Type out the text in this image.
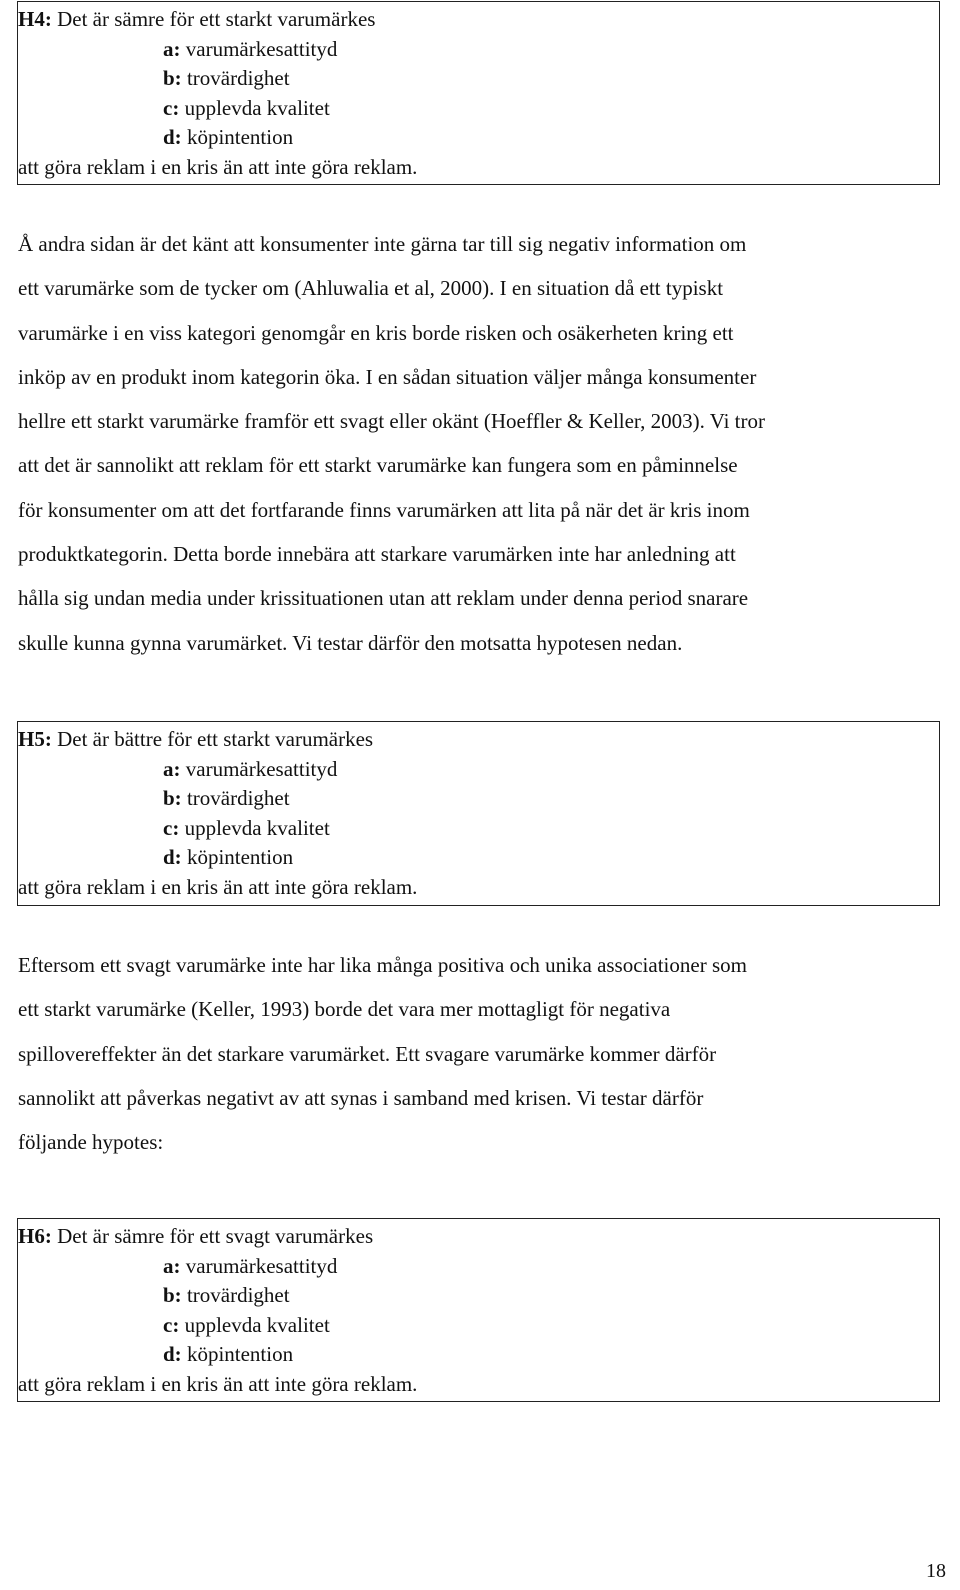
H4: Det är sämre för ett starkt varumärkes
a: varumärkesattityd
b: trovärdighet
c: upplevda kvalitet
d: köpintention
att göra reklam i en kris än att inte göra reklam.
Å andra sidan är det känt att konsumenter inte gärna tar till sig negativ information om
ett varumärke som de tycker om (Ahluwalia et al, 2000). I en situation då ett typiskt
varumärke i en viss kategori genomgår en kris borde risken och osäkerheten kring ett
inköp av en produkt inom kategorin öka. I en sådan situation väljer många konsumenter
hellre ett starkt varumärke framför ett svagt eller okänt (Hoeffler & Keller, 2003). Vi tror
att det är sannolikt att reklam för ett starkt varumärke kan fungera som en påminnelse
för konsumenter om att det fortfarande finns varumärken att lita på när det är kris inom
produktkategorin. Detta borde innebära att starkare varumärken inte har anledning att
hålla sig undan media under krissituationen utan att reklam under denna period snarare
skulle kunna gynna varumärket. Vi testar därför den motsatta hypotesen nedan.
H5: Det är bättre för ett starkt varumärkes
a: varumärkesattityd
b: trovärdighet
c: upplevda kvalitet
d: köpintention
att göra reklam i en kris än att inte göra reklam.
Eftersom ett svagt varumärke inte har lika många positiva och unika associationer som
ett starkt varumärke (Keller, 1993) borde det vara mer mottagligt för negativa
spillovereffekter än det starkare varumärket. Ett svagare varumärke kommer därför
sannolikt att påverkas negativt av att synas i samband med krisen. Vi testar därför
följande hypotes:
H6: Det är sämre för ett svagt varumärkes
a: varumärkesattityd
b: trovärdighet
c: upplevda kvalitet
d: köpintention
att göra reklam i en kris än att inte göra reklam.
18
